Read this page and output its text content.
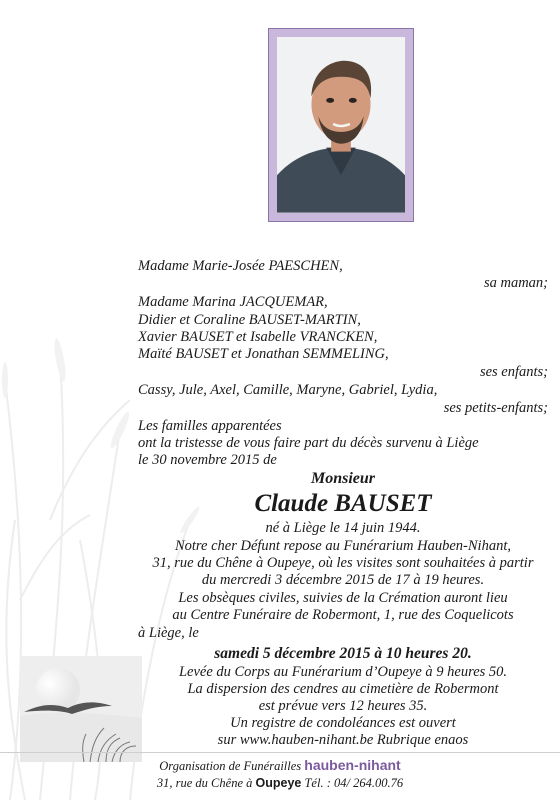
Madame Marie-Josée PAESCHEN,
sa maman;
Madame Marina JACQUEMAR,
Didier et Coraline BAUSET-MARTIN,
Xavier BAUSET et Isabelle VRANCKEN,
Maïté BAUSET et Jonathan SEMMELING,
ses enfants;
Cassy, Jule, Axel, Camille, Maryne, Gabriel, Lydia,
ses petits-enfants;
Les familles apparentées
ont la tristesse de vous faire part du décès survenu à Liège
le 30 novembre 2015 de
Monsieur
Claude BAUSET
né à Liège le 14 juin 1944.
Notre cher Défunt repose au Funérarium Hauben-Nihant,
31, rue du Chêne à Oupeye, où les visites sont souhaitées à partir
du mercredi 3 décembre 2015 de 17 à 19 heures.
Les obsèques civiles, suivies de la Crémation auront lieu
au Centre Funéraire de Robermont, 1, rue des Coquelicots
à Liège, le
samedi 5 décembre 2015 à 10 heures 20.
Levée du Corps au Funérarium d’Oupeye à 9 heures 50.
La dispersion des cendres au cimetière de Robermont
est prévue vers 12 heures 35.
Un registre de condoléances est ouvert
sur www.hauben-nihant.be Rubrique enaos
Organisation de Funérailles hauben-nihant
31, rue du Chêne à Oupeye Tél. : 04/ 264.00.76
